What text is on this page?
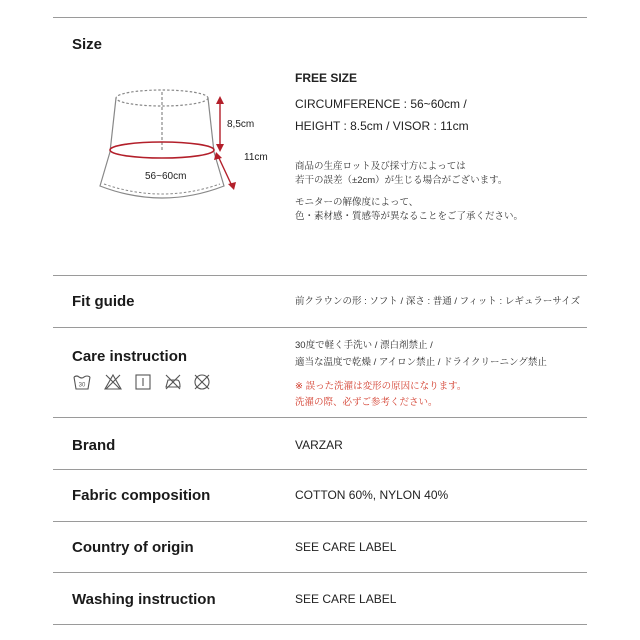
Size
8,5cm
11cm
56~60cm
FREE SIZE
CIRCUMFERENCE : 56~60cm /
HEIGHT : 8.5cm / VISOR : 11cm
商品の生産ロット及び採寸方によっては
若干の誤差（±2cm）が生じる場合がございます。
モニターの解像度によって、
色・素材感・質感等が異なることをご了承ください。
Fit guide	前クラウンの形 : ソフト / 深さ : 普通 / フィット : レギュラーサイズ
Care instruction
30度で軽く手洗い / 漂白剤禁止 /
適当な温度で乾燥 / アイロン禁止 / ドライクリーニング禁止
※ 誤った洗濯は変形の原因になります。
洗濯の際、必ずご参考ください。
30
Brand	VARZAR
Fabric composition	COTTON 60%, NYLON 40%
Country of origin	SEE CARE LABEL
Washing instruction	SEE CARE LABEL
